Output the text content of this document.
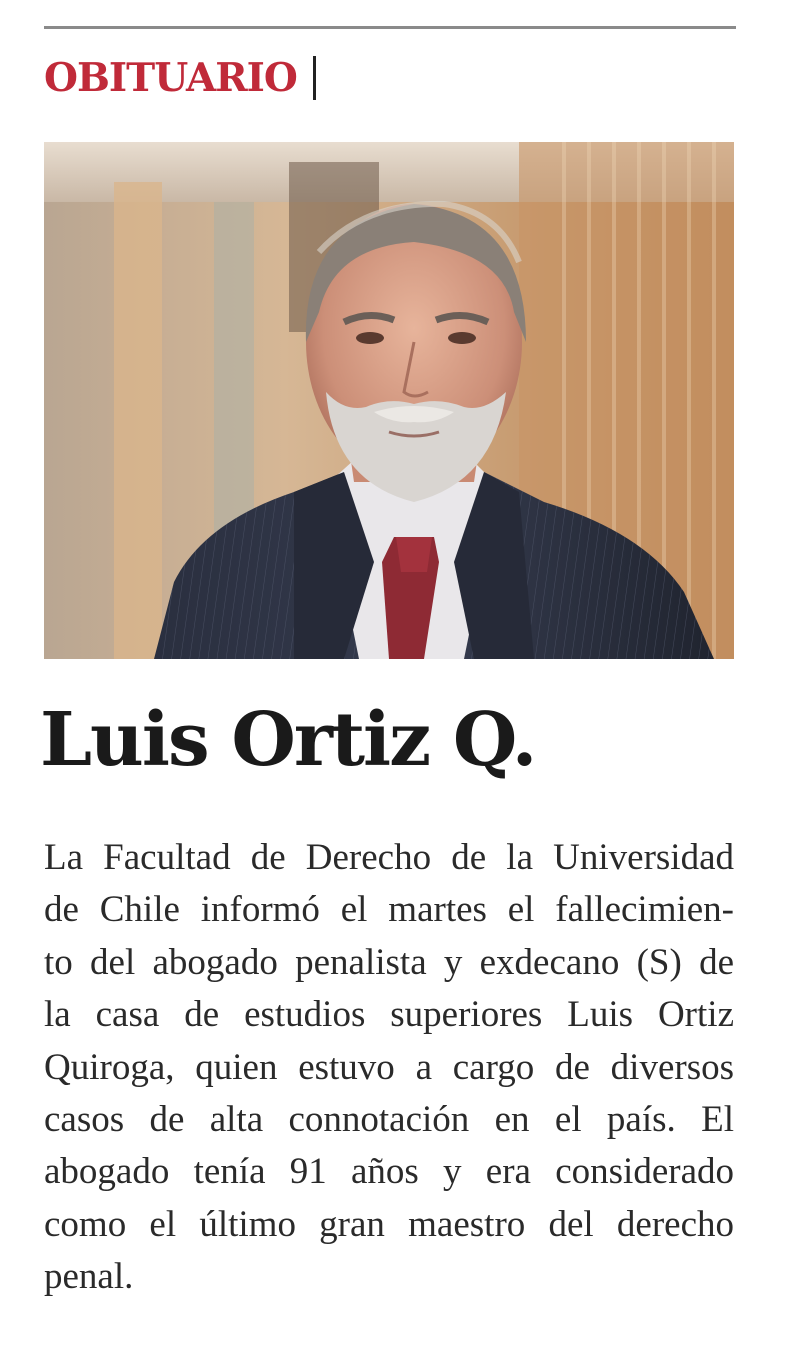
OBITUARIO
Luis Ortiz Q.
La Facultad de Derecho de la Universidad
de Chile informó el martes el fallecimien-
to del abogado penalista y exdecano (S) de
la casa de estudios superiores Luis Ortiz
Quiroga, quien estuvo a cargo de diversos
casos de alta connotación en el país. El
abogado tenía 91 años y era considerado
como el último gran maestro del derecho
penal.
